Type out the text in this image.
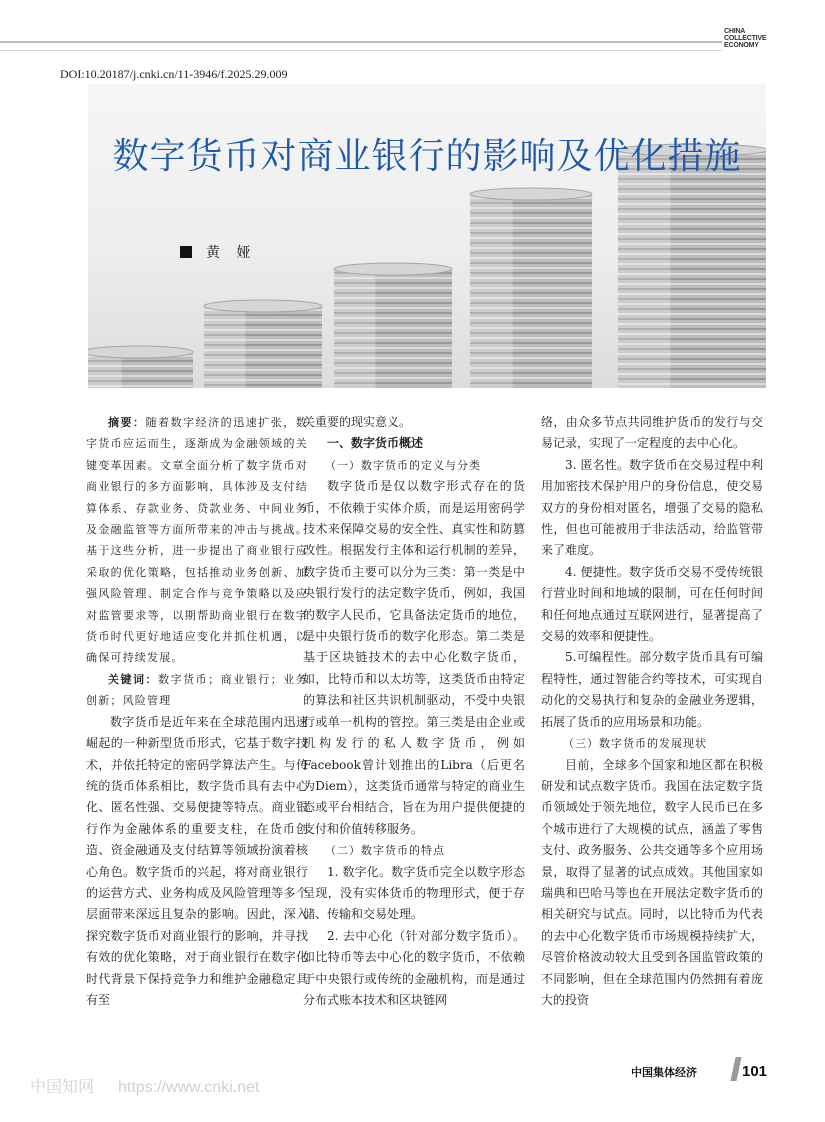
CHINA
COLLECTIVE
ECONOMY
DOI:10.20187/j.cnki.cn/11-3946/f.2025.29.009
数字货币对商业银行的影响及优化措施
黄 娅

摘要：随着数字经济的迅速扩张，数字货币应运而生，逐渐成为金融领域的关键变革因素。文章全面分析了数字货币对商业银行的多方面影响，具体涉及支付结算体系、存款业务、贷款业务、中间业务及金融监管等方面所带来的冲击与挑战。基于这些分析，进一步提出了商业银行应采取的优化策略，包括推动业务创新、加强风险管理、制定合作与竞争策略以及应对监管要求等，以期帮助商业银行在数字货币时代更好地适应变化并抓住机遇，以确保可持续发展。

关键词：数字货币；商业银行；业务创新；风险管理

数字货币是近年来在全球范围内迅速崛起的一种新型货币形式，它基于数字技术，并依托特定的密码学算法产生。与传统的货币体系相比，数字货币具有去中心化、匿名性强、交易便捷等特点。商业银行作为金融体系的重要支柱，在货币创造、资金融通及支付结算等领域扮演着核心角色。数字货币的兴起，将对商业银行的运营方式、业务构成及风险管理等多个层面带来深远且复杂的影响。因此，深入探究数字货币对商业银行的影响，并寻找有效的优化策略，对于商业银行在数字化时代背景下保持竞争力和维护金融稳定具有至

关重要的现实意义。

一、数字货币概述

（一）数字货币的定义与分类

数字货币是仅以数字形式存在的货币，不依赖于实体介质，而是运用密码学技术来保障交易的安全性、真实性和防篡改性。根据发行主体和运行机制的差异，数字货币主要可以分为三类：第一类是中央银行发行的法定数字货币，例如，我国的数字人民币，它具备法定货币的地位，是中央银行货币的数字化形态。第二类是基于区块链技术的去中心化数字货币，如，比特币和以太坊等，这类货币由特定的算法和社区共识机制驱动，不受中央银行或单一机构的管控。第三类是由企业或机构发行的私人数字货币，例如Facebook曾计划推出的Libra（后更名为Diem），这类货币通常与特定的商业生态或平台相结合，旨在为用户提供便捷的支付和价值转移服务。

（二）数字货币的特点

1. 数字化。数字货币完全以数字形态呈现，没有实体货币的物理形式，便于存储、传输和交易处理。

2. 去中心化（针对部分数字货币）。如比特币等去中心化的数字货币，不依赖于中央银行或传统的金融机构，而是通过分布式账本技术和区块链网

络，由众多节点共同维护货币的发行与交易记录，实现了一定程度的去中心化。

3. 匿名性。数字货币在交易过程中利用加密技术保护用户的身份信息，使交易双方的身份相对匿名，增强了交易的隐私性，但也可能被用于非法活动，给监管带来了难度。

4. 便捷性。数字货币交易不受传统银行营业时间和地域的限制，可在任何时间和任何地点通过互联网进行，显著提高了交易的效率和便捷性。

5.可编程性。部分数字货币具有可编程特性，通过智能合约等技术，可实现自动化的交易执行和复杂的金融业务逻辑，拓展了货币的应用场景和功能。

（三）数字货币的发展现状

目前，全球多个国家和地区都在积极研发和试点数字货币。我国在法定数字货币领域处于领先地位，数字人民币已在多个城市进行了大规模的试点，涵盖了零售支付、政务服务、公共交通等多个应用场景，取得了显著的试点成效。其他国家如瑞典和巴哈马等也在开展法定数字货币的相关研究与试点。同时，以比特币为代表的去中心化数字货币市场规模持续扩大，尽管价格波动较大且受到各国监管政策的不同影响，但在全球范围内仍然拥有着庞大的投资

中国知网 https://www.cnki.net
中国集体经济	101
